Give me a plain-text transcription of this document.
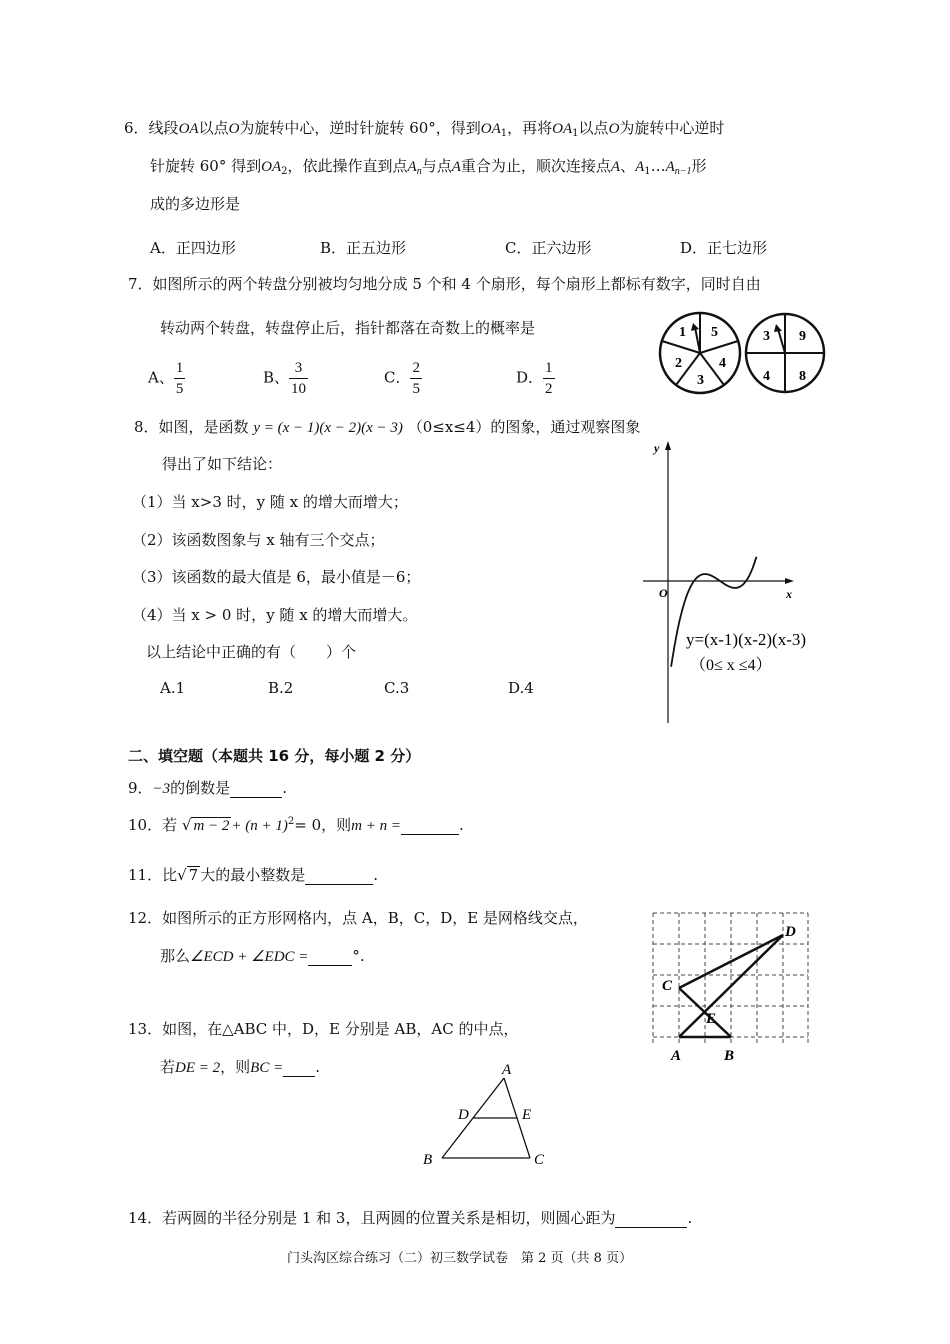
6．线段OA以点O为旋转中心，逆时针旋转 60°，得到$OA_1$，再将$OA_1$以点O为旋转中心逆时
针旋转 60° 得到$OA_2$，依此操作直到点$A_n$与点A重合为止，顺次连接点A、$A_1\dots A_{n-1}$形
成的多边形是
A．正四边形	B．正五边形	C．正六边形	D．正七边形
7．如图所示的两个转盘分别被均匀地分成 5 个和 4 个扇形，每个扇形上都标有数字，同时自由
转动两个转盘，转盘停止后，指针都落在奇数上的概率是
A、 $\frac{1}{5}$	B、 $\frac{3}{10}$	C． $\frac{2}{5}$	D． $\frac{1}{2}$
1 5
4
3
2
3 9
8
4
8．如图，是函数 y = (x − 1)(x − 2)(x − 3) （0≤x≤4）的图象，通过观察图象
得出了如下结论：
（1）当 x>3 时，y 随 x 的增大而增大；
（2）该函数图象与 x 轴有三个交点；
（3）该函数的最大值是 6，最小值是－6；
（4）当 x > 0 时，y 随 x 的增大而增大。
以上结论中正确的有（　　）个
A.1	B.2	C.3	D.4
y
x
O
y=(x-1)(x-2)(x-3)
（0≤ x ≤4）
二、填空题（本题共 16 分，每小题 2 分）
9．−3的倒数是	.
10．若 √ $m - 2 + (n + 1)^2= 0$，则m + n =	.
11．比√ 7 大的最小整数是	.
12．如图所示的正方形网格内，点 A，B，C，D，E 是网格线交点，
那么∠ECD + ∠EDC =	°.
D
C
E
A	B
13．如图，在△ABC 中，D，E 分别是 AB，AC 的中点，
若DE = 2，则BC = .	A
D	E
B	C
14．若两圆的半径分别是 1 和 3，且两圆的位置关系是相切，则圆心距为	.
门头沟区综合练习（二）初三数学试卷　第 2 页（共 8 页）
